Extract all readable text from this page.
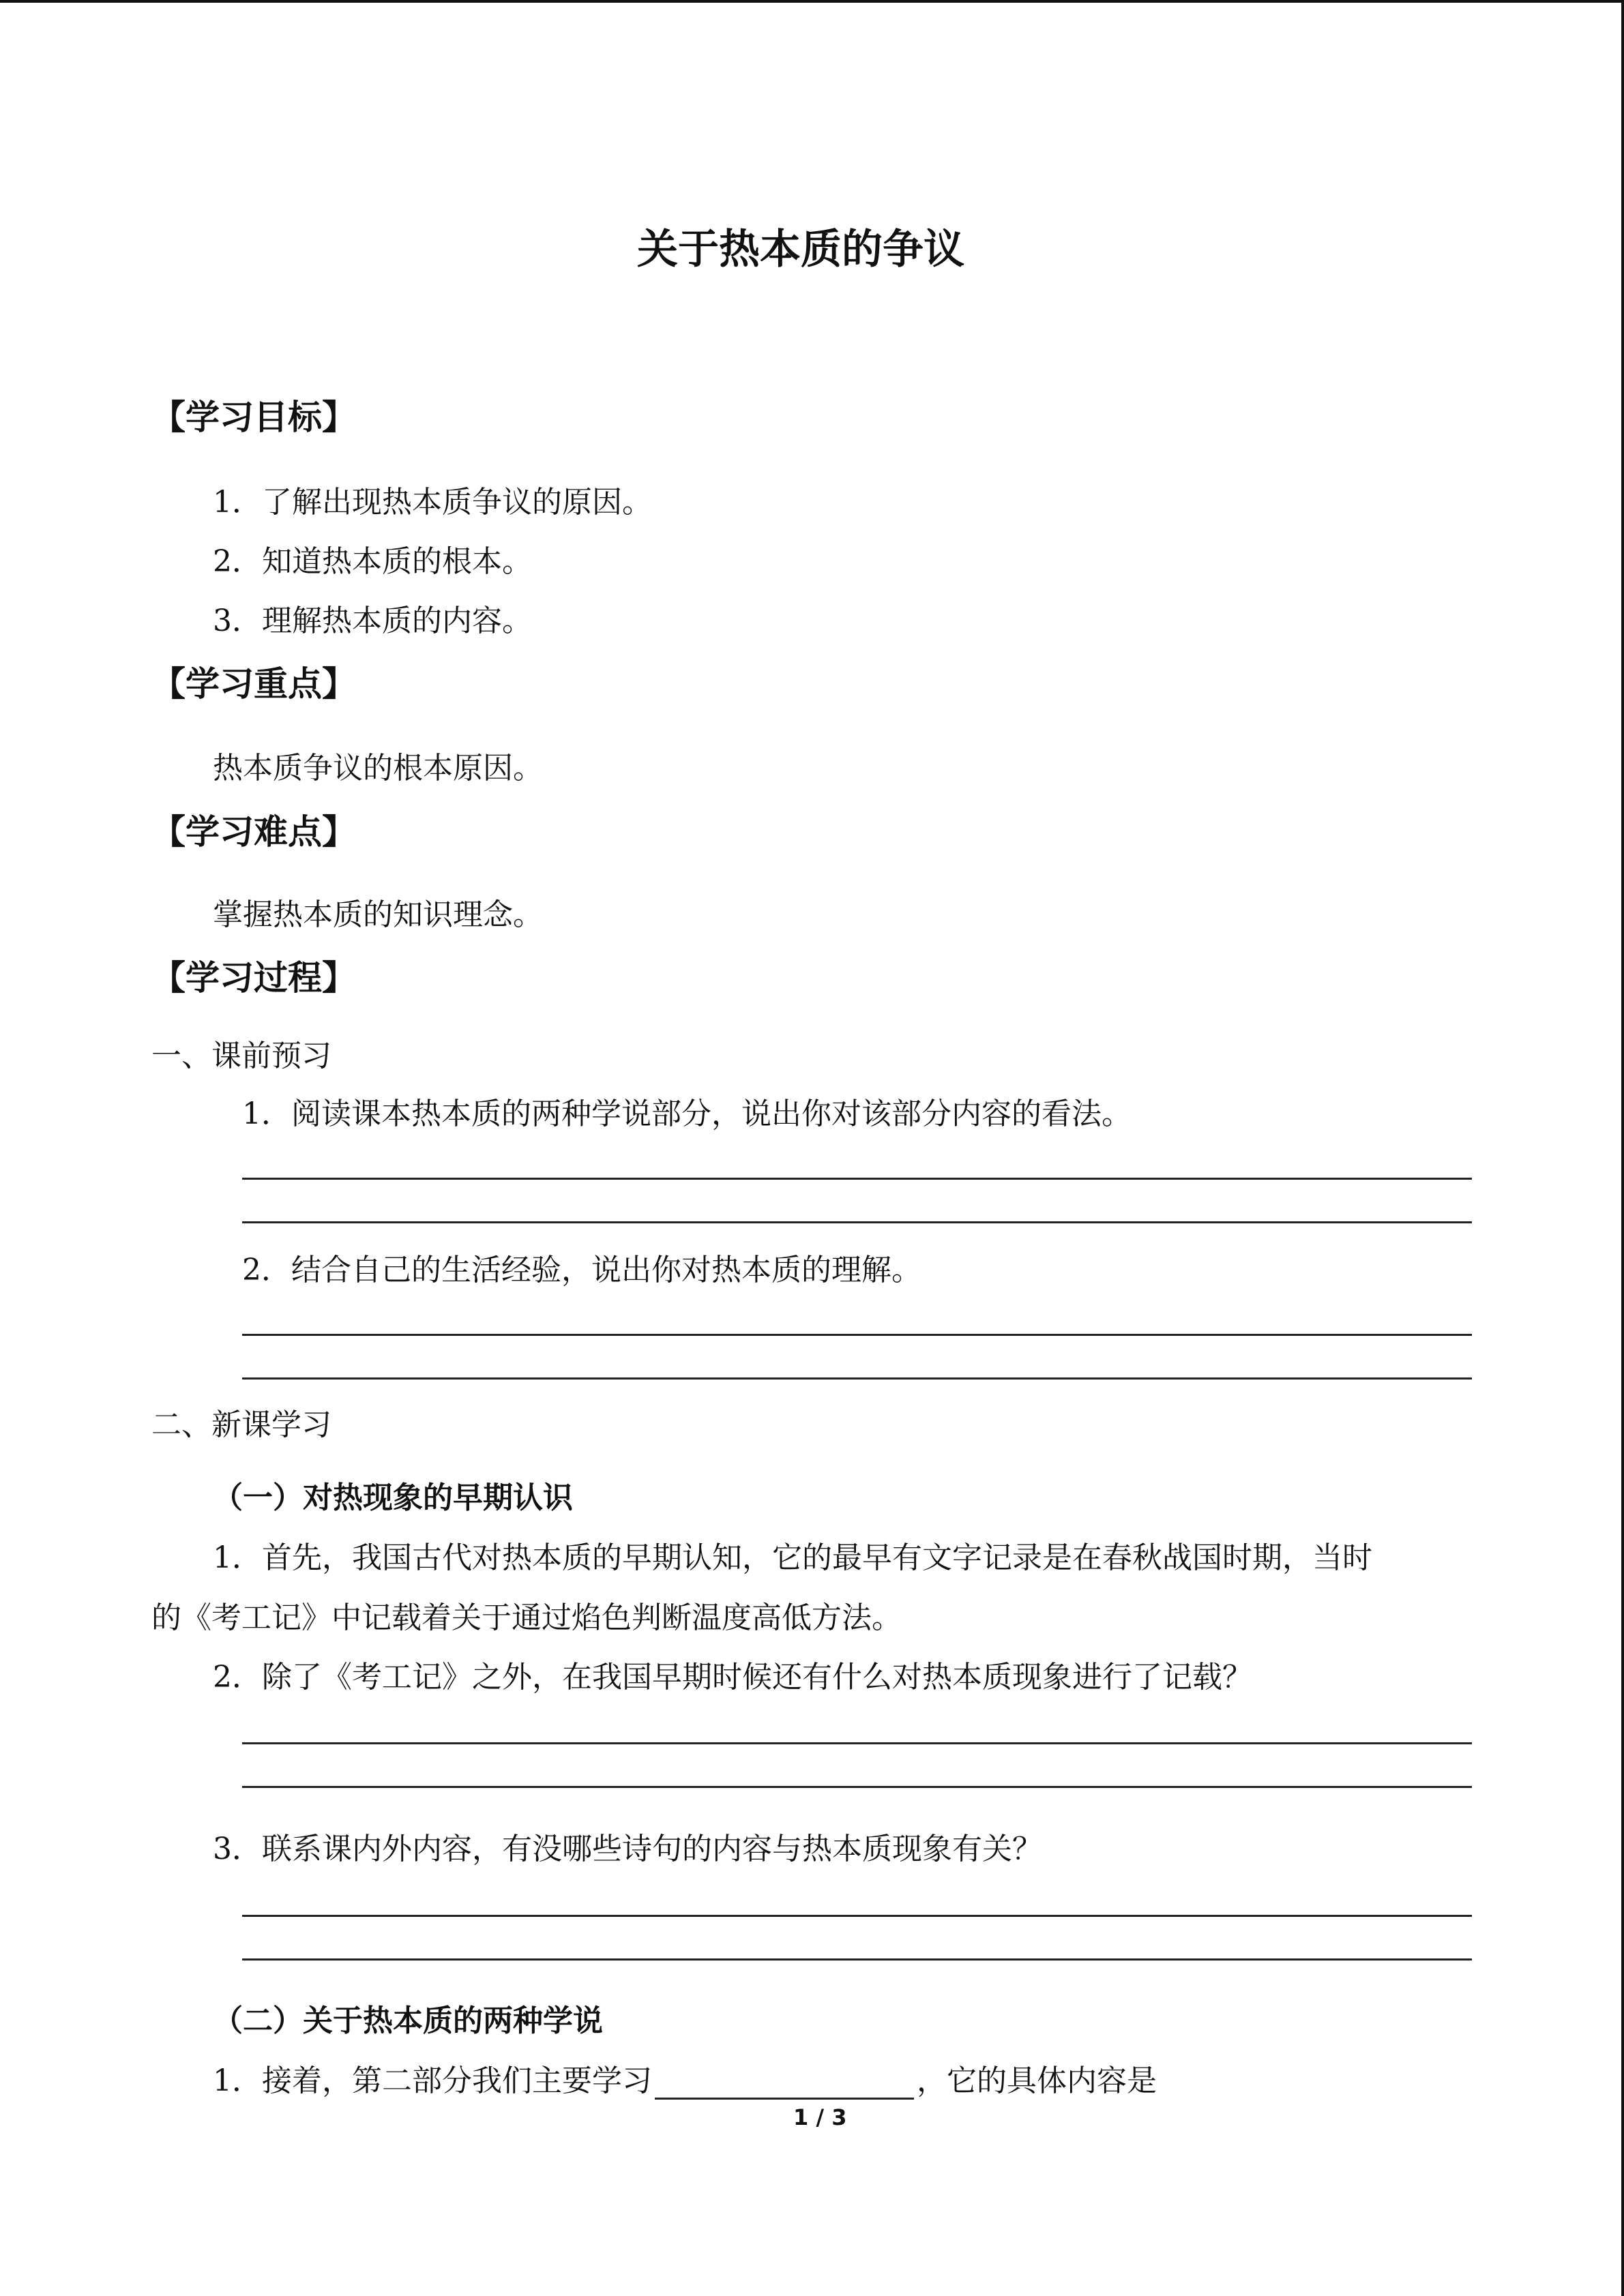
关于热本质的争议
【学习目标】
1．了解出现热本质争议的原因。
2．知道热本质的根本。
3．理解热本质的内容。
【学习重点】
热本质争议的根本原因。
【学习难点】
掌握热本质的知识理念。
【学习过程】
一、课前预习
1．阅读课本热本质的两种学说部分，说出你对该部分内容的看法。
2．结合自己的生活经验，说出你对热本质的理解。
二、新课学习
（一）对热现象的早期认识
1．首先，我国古代对热本质的早期认知，它的最早有文字记录是在春秋战国时期，当时
的《考工记》中记载着关于通过焰色判断温度高低方法。
2．除了《考工记》之外，在我国早期时候还有什么对热本质现象进行了记载？
3．联系课内外内容，有没哪些诗句的内容与热本质现象有关？
（二）关于热本质的两种学说
1．接着，第二部分我们主要学习	，它的具体内容是
1 / 3
